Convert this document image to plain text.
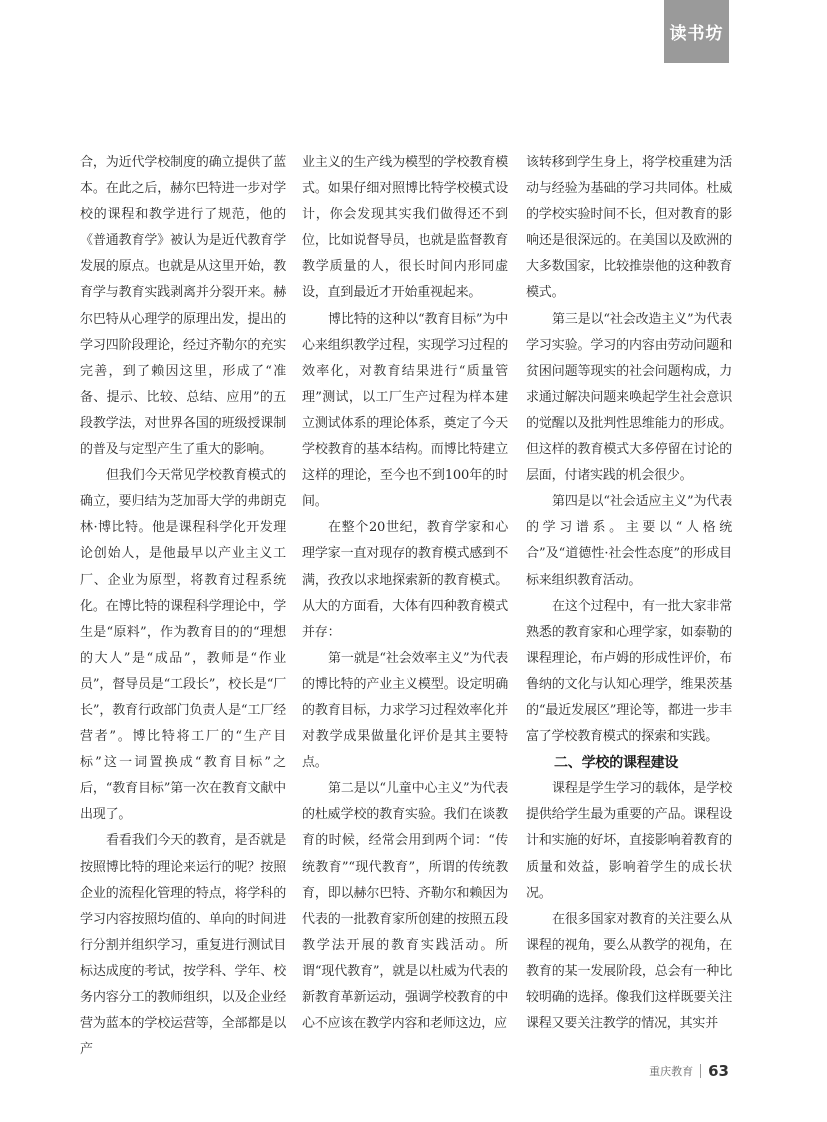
读书坊

合，为近代学校制度的确立提供了蓝本。在此之后，赫尔巴特进一步对学校的课程和教学进行了规范，他的《普通教育学》被认为是近代教育学发展的原点。也就是从这里开始，教育学与教育实践剥离并分裂开来。赫尔巴特从心理学的原理出发，提出的学习四阶段理论，经过齐勒尔的充实完善，到了赖因这里，形成了“准备、提示、比较、总结、应用”的五段教学法，对世界各国的班级授课制的普及与定型产生了重大的影响。

但我们今天常见学校教育模式的确立，要归结为芝加哥大学的弗朗克林·博比特。他是课程科学化开发理论创始人，是他最早以产业主义工厂、企业为原型，将教育过程系统化。在博比特的课程科学理论中，学生是“原料”，作为教育目的的“理想的大人”是“成品”，教师是“作业员”，督导员是“工段长”，校长是“厂长”，教育行政部门负责人是“工厂经营者”。博比特将工厂的“生产目标”这一词置换成“教育目标”之后，“教育目标”第一次在教育文献中出现了。

看看我们今天的教育，是否就是按照博比特的理论来运行的呢？按照企业的流程化管理的特点，将学科的学习内容按照均值的、单向的时间进行分割并组织学习，重复进行测试目标达成度的考试，按学科、学年、校务内容分工的教师组织，以及企业经营为蓝本的学校运营等，全部都是以产

业主义的生产线为模型的学校教育模式。如果仔细对照博比特学校模式设计，你会发现其实我们做得还不到位，比如说督导员，也就是监督教育教学质量的人，很长时间内形同虚设，直到最近才开始重视起来。

博比特的这种以“教育目标”为中心来组织教学过程，实现学习过程的效率化，对教育结果进行“质量管理”测试，以工厂生产过程为样本建立测试体系的理论体系，奠定了今天学校教育的基本结构。而博比特建立这样的理论，至今也不到100年的时间。

在整个20世纪，教育学家和心理学家一直对现存的教育模式感到不满，孜孜以求地探索新的教育模式。从大的方面看，大体有四种教育模式并存：

第一就是“社会效率主义”为代表的博比特的产业主义模型。设定明确的教育目标，力求学习过程效率化并对教学成果做量化评价是其主要特点。

第二是以“儿童中心主义”为代表的杜威学校的教育实验。我们在谈教育的时候，经常会用到两个词：“传统教育”“现代教育”，所谓的传统教育，即以赫尔巴特、齐勒尔和赖因为代表的一批教育家所创建的按照五段教学法开展的教育实践活动。所谓“现代教育”，就是以杜威为代表的新教育革新运动，强调学校教育的中心不应该在教学内容和老师这边，应

该转移到学生身上，将学校重建为活动与经验为基础的学习共同体。杜威的学校实验时间不长，但对教育的影响还是很深远的。在美国以及欧洲的大多数国家，比较推崇他的这种教育模式。

第三是以“社会改造主义”为代表学习实验。学习的内容由劳动问题和贫困问题等现实的社会问题构成，力求通过解决问题来唤起学生社会意识的觉醒以及批判性思维能力的形成。但这样的教育模式大多停留在讨论的层面，付诸实践的机会很少。

第四是以“社会适应主义”为代表的学习谱系。主要以“人格统合”及“道德性·社会性态度”的形成目标来组织教育活动。

在这个过程中，有一批大家非常熟悉的教育家和心理学家，如泰勒的课程理论，布卢姆的形成性评价，布鲁纳的文化与认知心理学，维果茨基的“最近发展区”理论等，都进一步丰富了学校教育模式的探索和实践。

二、学校的课程建设

课程是学生学习的载体，是学校提供给学生最为重要的产品。课程设计和实施的好坏，直接影响着教育的质量和效益，影响着学生的成长状况。

在很多国家对教育的关注要么从课程的视角，要么从教学的视角，在教育的某一发展阶段，总会有一种比较明确的选择。像我们这样既要关注课程又要关注教学的情况，其实并

重庆教育 63
